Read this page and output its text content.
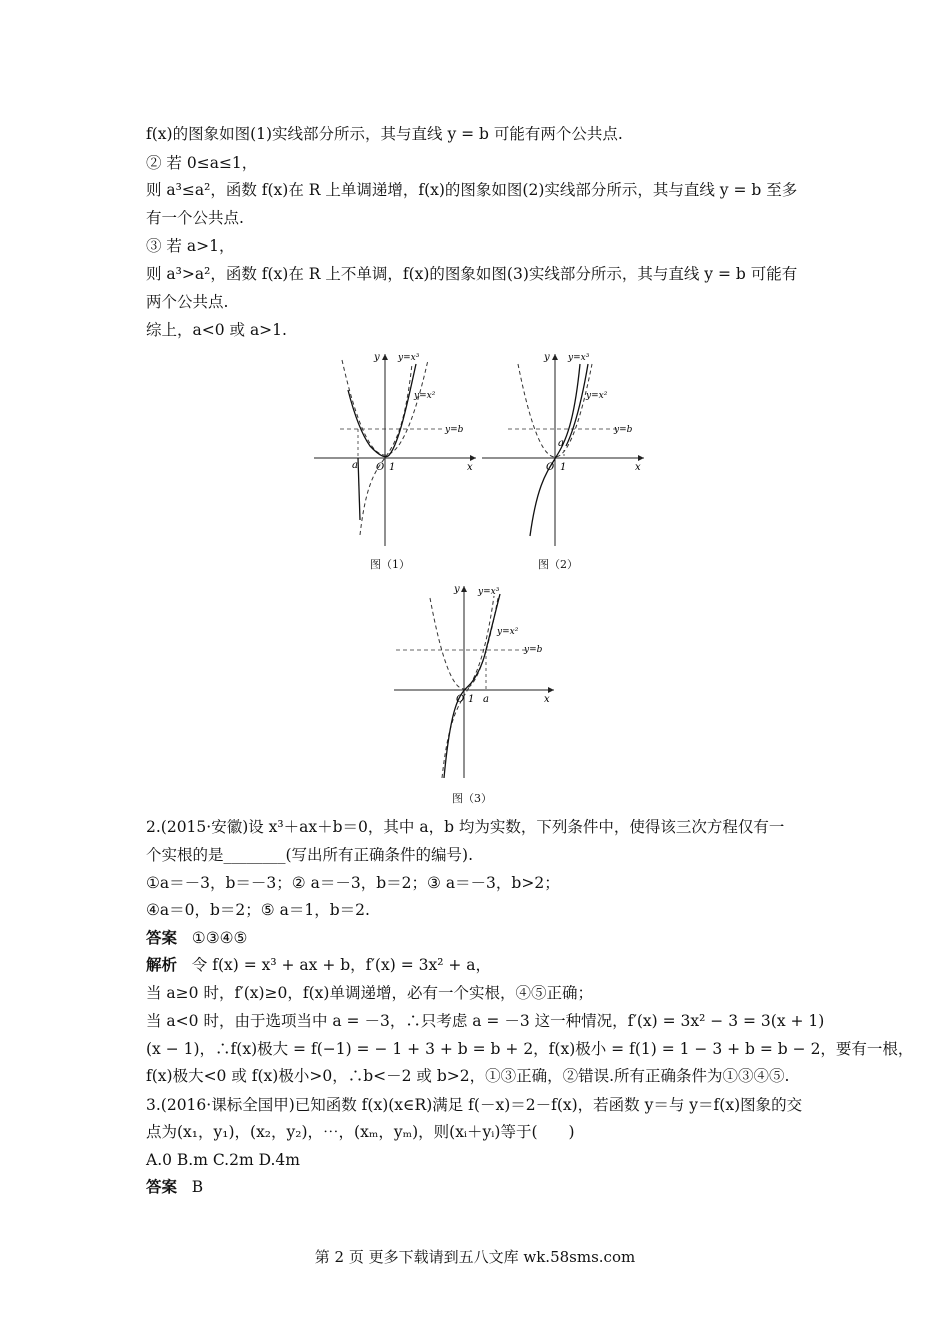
f(x)的图象如图(1)实线部分所示，其与直线 y = b 可能有两个公共点.
② 若 0≤a≤1，
则 a³≤a²，函数 f(x)在 R 上单调递增，f(x)的图象如图(2)实线部分所示，其与直线 y = b 至多
有一个公共点.
③ 若 a>1，
则 a³>a²，函数 f(x)在 R 上不单调，f(x)的图象如图(3)实线部分所示，其与直线 y = b 可能有
两个公共点.
综上，a<0 或 a>1.
y
x
O 1
a
y=x³
y=x²
y=b
图（1）
y
x
O 1
a
y=x³
y=x²
y=b
图（2）
y
x
O 1 a
y=x³
y=x²
y=b
图（3）
2.(2015·安徽)设 x³＋ax＋b＝0，其中 a，b 均为实数，下列条件中，使得该三次方程仅有一
个实根的是________(写出所有正确条件的编号).
①a＝－3，b＝－3；② a＝－3，b＝2；③ a＝－3，b>2；
④a＝0，b＝2；⑤ a＝1，b＝2.
答案 ①③④⑤
解析 令 f(x) = x³ + ax + b，f′(x) = 3x² + a，
当 a≥0 时，f′(x)≥0，f(x)单调递增，必有一个实根，④⑤正确；
当 a<0 时，由于选项当中 a = －3，∴只考虑 a = －3 这一种情况，f′(x) = 3x² − 3 = 3(x + 1)
(x − 1)，∴f(x)极大 = f(−1) = − 1 + 3 + b = b + 2，f(x)极小 = f(1) = 1 − 3 + b = b − 2，要有一根，
f(x)极大<0 或 f(x)极小>0，∴b<－2 或 b>2，①③正确，②错误.所有正确条件为①③④⑤.
3.(2016·课标全国甲)已知函数 f(x)(x∈R)满足 f(－x)＝2－f(x)，若函数 y＝与 y＝f(x)图象的交
点为(x₁，y₁)，(x₂，y₂)，⋯，(xₘ，yₘ)，则(xᵢ＋yᵢ)等于(　　)
A.0 B.m C.2m D.4m
答案 B
第 2 页 更多下载请到五八文库 wk.58sms.com
